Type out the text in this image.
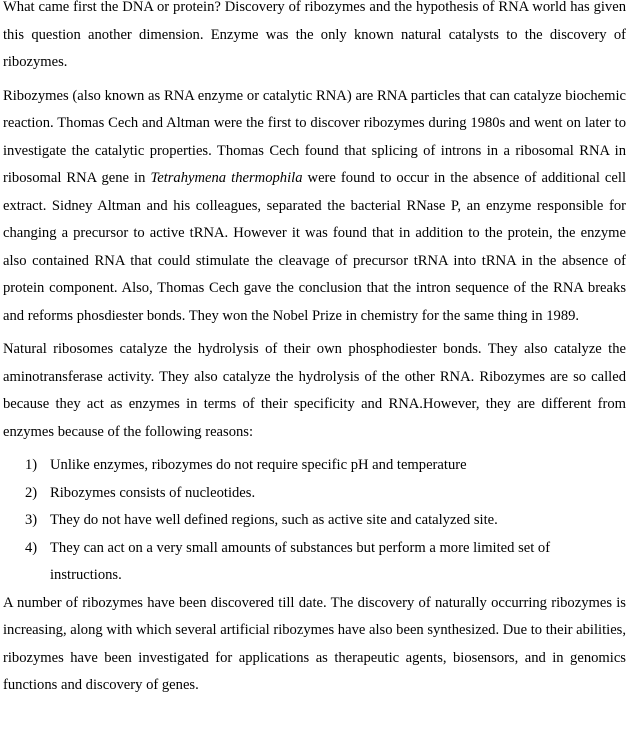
What came first the DNA or protein? Discovery of ribozymes and the hypothesis of RNA world has given this question another dimension. Enzyme was the only known natural catalysts to the discovery of ribozymes.

Ribozymes (also known as RNA enzyme or catalytic RNA) are RNA particles that can catalyze biochemic reaction. Thomas Cech and Altman were the first to discover ribozymes during 1980s and went on later to investigate the catalytic properties. Thomas Cech found that splicing of introns in a ribosomal RNA in ribosomal RNA gene in Tetrahymena thermophila were found to occur in the absence of additional cell extract. Sidney Altman and his colleagues, separated the bacterial RNase P, an enzyme responsible for changing a precursor to active tRNA. However it was found that in addition to the protein, the enzyme also contained RNA that could stimulate the cleavage of precursor tRNA into tRNA in the absence of protein component. Also, Thomas Cech gave the conclusion that the intron sequence of the RNA breaks and reforms phosdiester bonds. They won the Nobel Prize in chemistry for the same thing in 1989.

Natural ribosomes catalyze the hydrolysis of their own phosphodiester bonds. They also catalyze the aminotransferase activity. They also catalyze the hydrolysis of the other RNA. Ribozymes are so called because they act as enzymes in terms of their specificity and RNA.However, they are different from enzymes because of the following reasons:

1) Unlike enzymes, ribozymes do not require specific pH and temperature
2) Ribozymes consists of nucleotides.
3) They do not have well defined regions, such as active site and catalyzed site.
4) They can act on a very small amounts of substances but perform a more limited set of instructions.

A number of ribozymes have been discovered till date. The discovery of naturally occurring ribozymes is increasing, along with which several artificial ribozymes have also been synthesized. Due to their abilities, ribozymes have been investigated for applications as therapeutic agents, biosensors, and in genomics functions and discovery of genes.
